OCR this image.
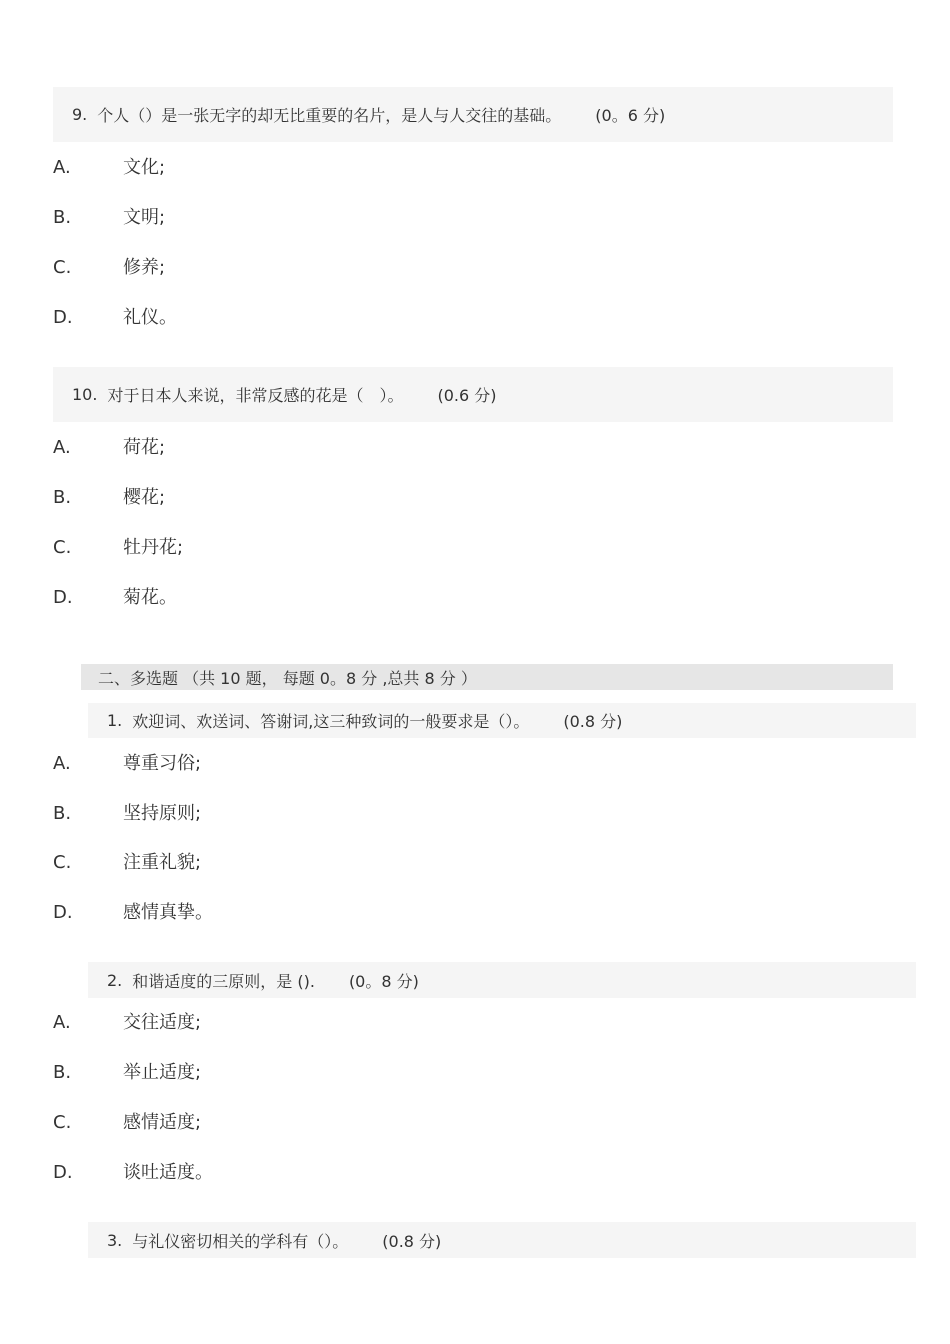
9. 个人（）是一张无字的却无比重要的名片，是人与人交往的基础。 (0。6 分)
A.	文化;
B.	文明;
C.	修养;
D.	礼仪。
10. 对于日本人来说，非常反感的花是（　）。 (0.6 分)
A.	荷花;
B.	樱花;
C.	牡丹花;
D.	菊花。
二、多选题 （共 10 题， 每题 0。8 分 ,总共 8 分 ）
1. 欢迎词、欢送词、答谢词,这三种致词的一般要求是（）。 (0.8 分)
A.	尊重习俗;
B.	坚持原则;
C.	注重礼貌;
D.	感情真挚。
2. 和谐适度的三原则，是 (). (0。8 分)
A.	交往适度;
B.	举止适度;
C.	感情适度;
D.	谈吐适度。
3. 与礼仪密切相关的学科有（）。 (0.8 分)
